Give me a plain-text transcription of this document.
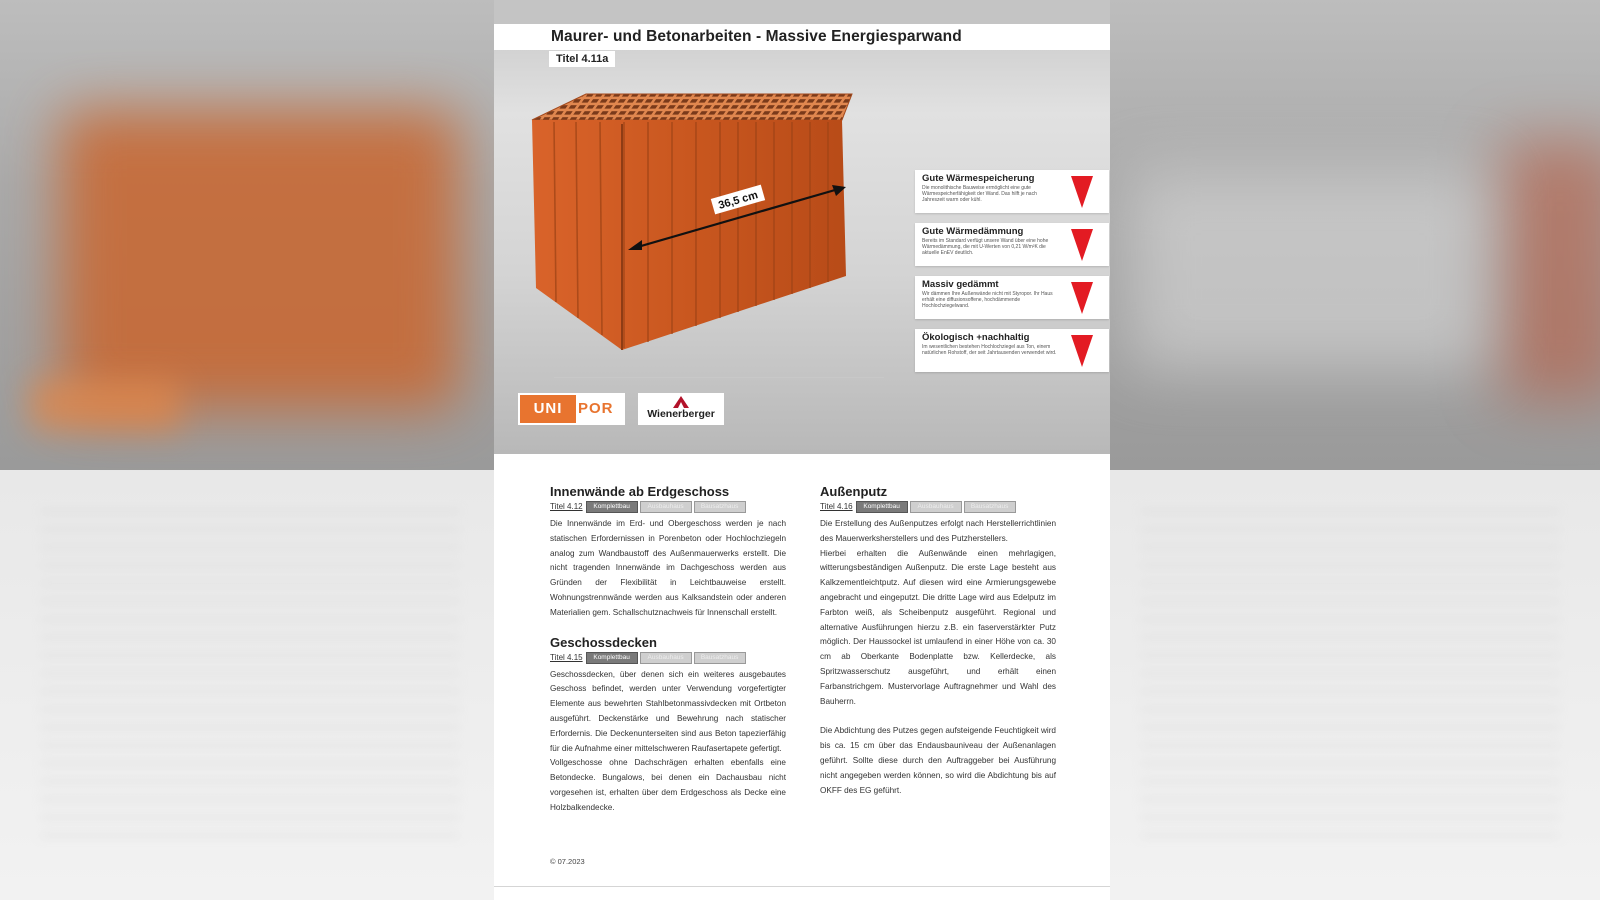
Maurer- und Betonarbeiten - Massive Energiesparwand
Titel 4.11a
36,5 cm
Gute Wärmespeicherung
Die monolithische Bauweise ermöglicht eine gute Wärmespeicherfähigkeit der Wand. Das hilft je nach Jahreszeit warm oder kühl.
Gute Wärmedämmung
Bereits im Standard verfügt unsere Wand über eine hohe Wärmedämmung, die mit U-Werten von 0,21 W/m²K die aktuelle EnEV deutlich.
Massiv gedämmt
Wir dämmen Ihre Außenwände nicht mit Styropor. Ihr Haus erhält eine diffusionsoffene, hochdämmende Hochlochziegelwand.
Ökologisch +nachhaltig
Im wesentlichen bestehen Hochlochziegel aus Ton, einem natürlichen Rohstoff, der seit Jahrtausenden verwendet wird.
UNI	POR	Wienerberger
Innenwände ab Erdgeschoss
Titel 4.12 Komplettbau	Ausbauhaus	Bausatzhaus

Die Innenwände im Erd- und Obergeschoss werden je nach statischen Erfordernissen in Porenbeton oder Hochlochziegeln analog zum Wandbaustoff des Außenmauerwerks erstellt. Die nicht tragenden Innenwände im Dachgeschoss werden aus Gründen der Flexibilität in Leichtbauweise erstellt. Wohnungstrennwände werden aus Kalksandstein oder anderen Materialien gem. Schallschutznachweis für Innenschall erstellt.

Geschossdecken
Titel 4.15 Komplettbau	Ausbauhaus	Bausatzhaus

Geschossdecken, über denen sich ein weiteres ausgebautes Geschoss befindet, werden unter Verwendung vorgefertigter Elemente aus bewehrten Stahlbetonmassivdecken mit Ortbeton ausgeführt. Deckenstärke und Bewehrung nach statischer Erfordernis. Die Deckenunterseiten sind aus Beton tapezierfähig für die Aufnahme einer mittelschweren Raufasertapete gefertigt.

Vollgeschosse ohne Dachschrägen erhalten ebenfalls eine Betondecke. Bungalows, bei denen ein Dachausbau nicht vorgesehen ist, erhalten über dem Erdgeschoss als Decke eine Holzbalkendecke.

Außenputz
Titel 4.16 Komplettbau	Ausbauhaus	Bausatzhaus

Die Erstellung des Außenputzes erfolgt nach Herstellerrichtlinien des Mauerwerksherstellers und des Putzherstellers.

Hierbei erhalten die Außenwände einen mehrlagigen, witterungsbeständigen Außenputz. Die erste Lage besteht aus Kalkzementleichtputz. Auf diesen wird eine Armierungsgewebe angebracht und eingeputzt. Die dritte Lage wird aus Edelputz im Farbton weiß, als Scheibenputz ausgeführt. Regional und alternative Ausführungen hierzu z.B. ein faserverstärkter Putz möglich. Der Haussockel ist umlaufend in einer Höhe von ca. 30 cm ab Oberkante Bodenplatte bzw. Kellerdecke, als Spritzwasserschutz ausgeführt, und erhält einen Farbanstrichgem. Mustervorlage Auftragnehmer und Wahl des Bauherrn.

Die Abdichtung des Putzes gegen aufsteigende Feuchtigkeit wird bis ca. 15 cm über das Endausbauniveau der Außenanlagen geführt. Sollte diese durch den Auftraggeber bei Ausführung nicht angegeben werden können, so wird die Abdichtung bis auf OKFF des EG geführt.

© 07.2023
